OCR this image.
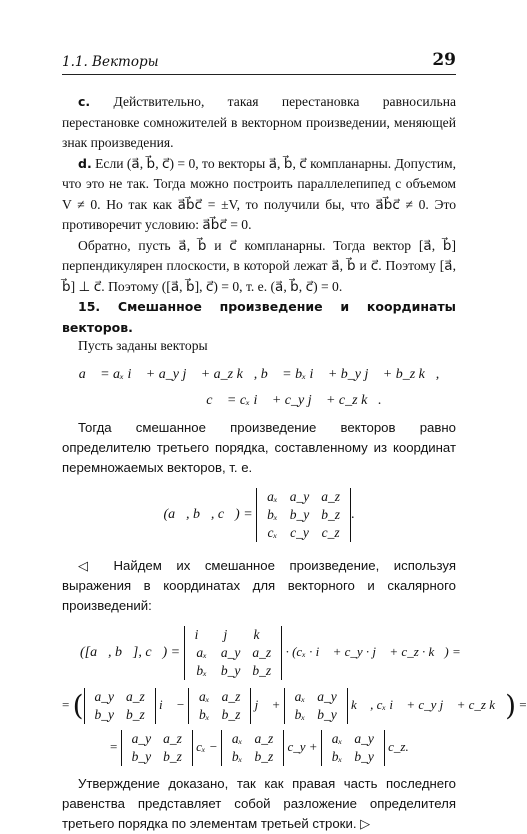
1.1. Векторы	29

c. Действительно, такая перестановка равносильна перестановке сомножителей в векторном произведении, меняющей знак произведения.

d. Если (a⃗, b⃗, c⃗) = 0, то векторы a⃗, b⃗, c⃗ компланарны. Допустим, что это не так. Тогда можно построить параллелепипед с объемом V ≠ 0. Но так как a⃗b⃗c⃗ = ±V, то получили бы, что a⃗b⃗c⃗ ≠ 0. Это противоречит условию: a⃗b⃗c⃗ = 0.

Обратно, пусть a⃗, b⃗ и c⃗ компланарны. Тогда вектор [a⃗, b⃗] перпендикулярен плоскости, в которой лежат a⃗, b⃗ и c⃗. Поэтому [a⃗, b⃗] ⊥ c⃗. Поэтому ([a⃗, b⃗], c⃗) = 0, т. е. (a⃗, b⃗, c⃗) = 0.

15. Смешанное произведение и координаты векторов.

Пусть заданы векторы

a⃗ = aₓ i⃗ + a_y j⃗ + a_z k⃗, b⃗ = bₓ i⃗ + b_y j⃗ + b_z k⃗,
c⃗ = cₓ i⃗ + c_y j⃗ + c_z k⃗.

Тогда смешанное произведение векторов равно определителю третьего порядка, составленному из координат перемножаемых векторов, т. е.

(a⃗, b⃗, c⃗) =
aₓ	a_y	a_z
bₓ	b_y	b_z
cₓ	c_y	c_z
.

◁ Найдем их смешанное произведение, используя выражения в координатах для векторного и скалярного произведений:

([a⃗, b⃗], c⃗) =
i⃗	j⃗	k⃗
aₓ	a_y	a_z
bₓ	b_y	b_z
· (cₓ · i⃗ + c_y · j⃗ + c_z · k⃗) =
= ( a_y	a_z
b_y	b_z
i⃗ −
aₓ	a_z
bₓ	b_z
j⃗ +
aₓ	a_y
bₓ	b_y
k⃗ , cₓ i⃗ + c_y j⃗ + c_z k⃗) =
=
a_y	a_z
b_y	b_z
cₓ −
aₓ	a_z
bₓ	b_z
c_y +
aₓ	a_y
bₓ	b_y
c_z.

Утверждение доказано, так как правая часть последнего равенства представляет собой разложение определителя третьего порядка по элементам третьей строки. ▷
